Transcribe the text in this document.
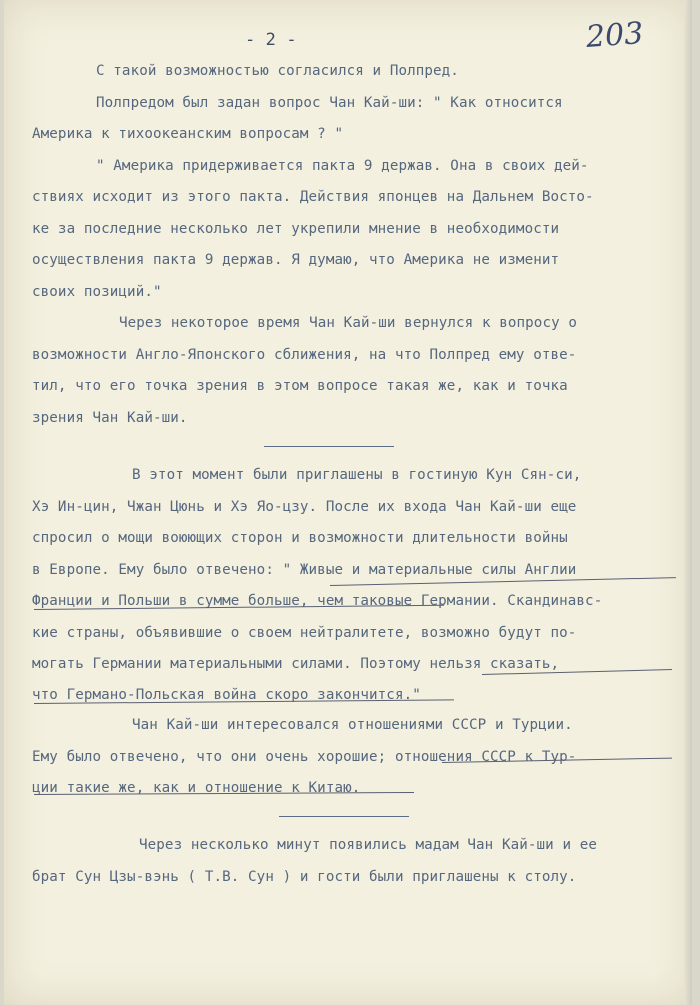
- 2 -	203
С такой возможностью согласился и Полпред.
Полпредом был задан вопрос Чан Кай-ши: " Как относится
Америка к тихоокеанским вопросам ? "
" Америка придерживается пакта 9 держав. Она в своих дей-
ствиях исходит из этого пакта. Действия японцев на Дальнем Восто-
ке за последние несколько лет укрепили мнение в необходимости
осуществления пакта 9 держав. Я думаю, что Америка не изменит
своих позиций."
Через некоторое время Чан Кай-ши вернулся к вопросу о
возможности Англо-Японского сближения, на что Полпред ему отве-
тил, что его точка зрения в этом вопросе такая же, как и точка
зрения Чан Кай-ши.
В этот момент были приглашены в гостиную Кун Сян-си,
Хэ Ин-цин, Чжан Цюнь и Хэ Яо-цзу. После их входа Чан Кай-ши еще
спросил о мощи воюющих сторон и возможности длительности войны
в Европе. Ему было отвечено: " Живые и материальные силы Англии
Франции и Польши в сумме больше, чем таковые Германии. Скандинавс-
кие страны, объявившие о своем нейтралитете, возможно будут по-
могать Германии материальными силами. Поэтому нельзя сказать,
что Германо-Польская война скоро закончится."
Чан Кай-ши интересовался отношениями СССР и Турции.
Ему было отвечено, что они очень хорошие; отношения СССР к Тур-
ции такие же, как и отношение к Китаю.
Через несколько минут появились мадам Чан Кай-ши и ее
брат Сун Цзы-вэнь ( Т.В. Сун ) и гости были приглашены к столу.
